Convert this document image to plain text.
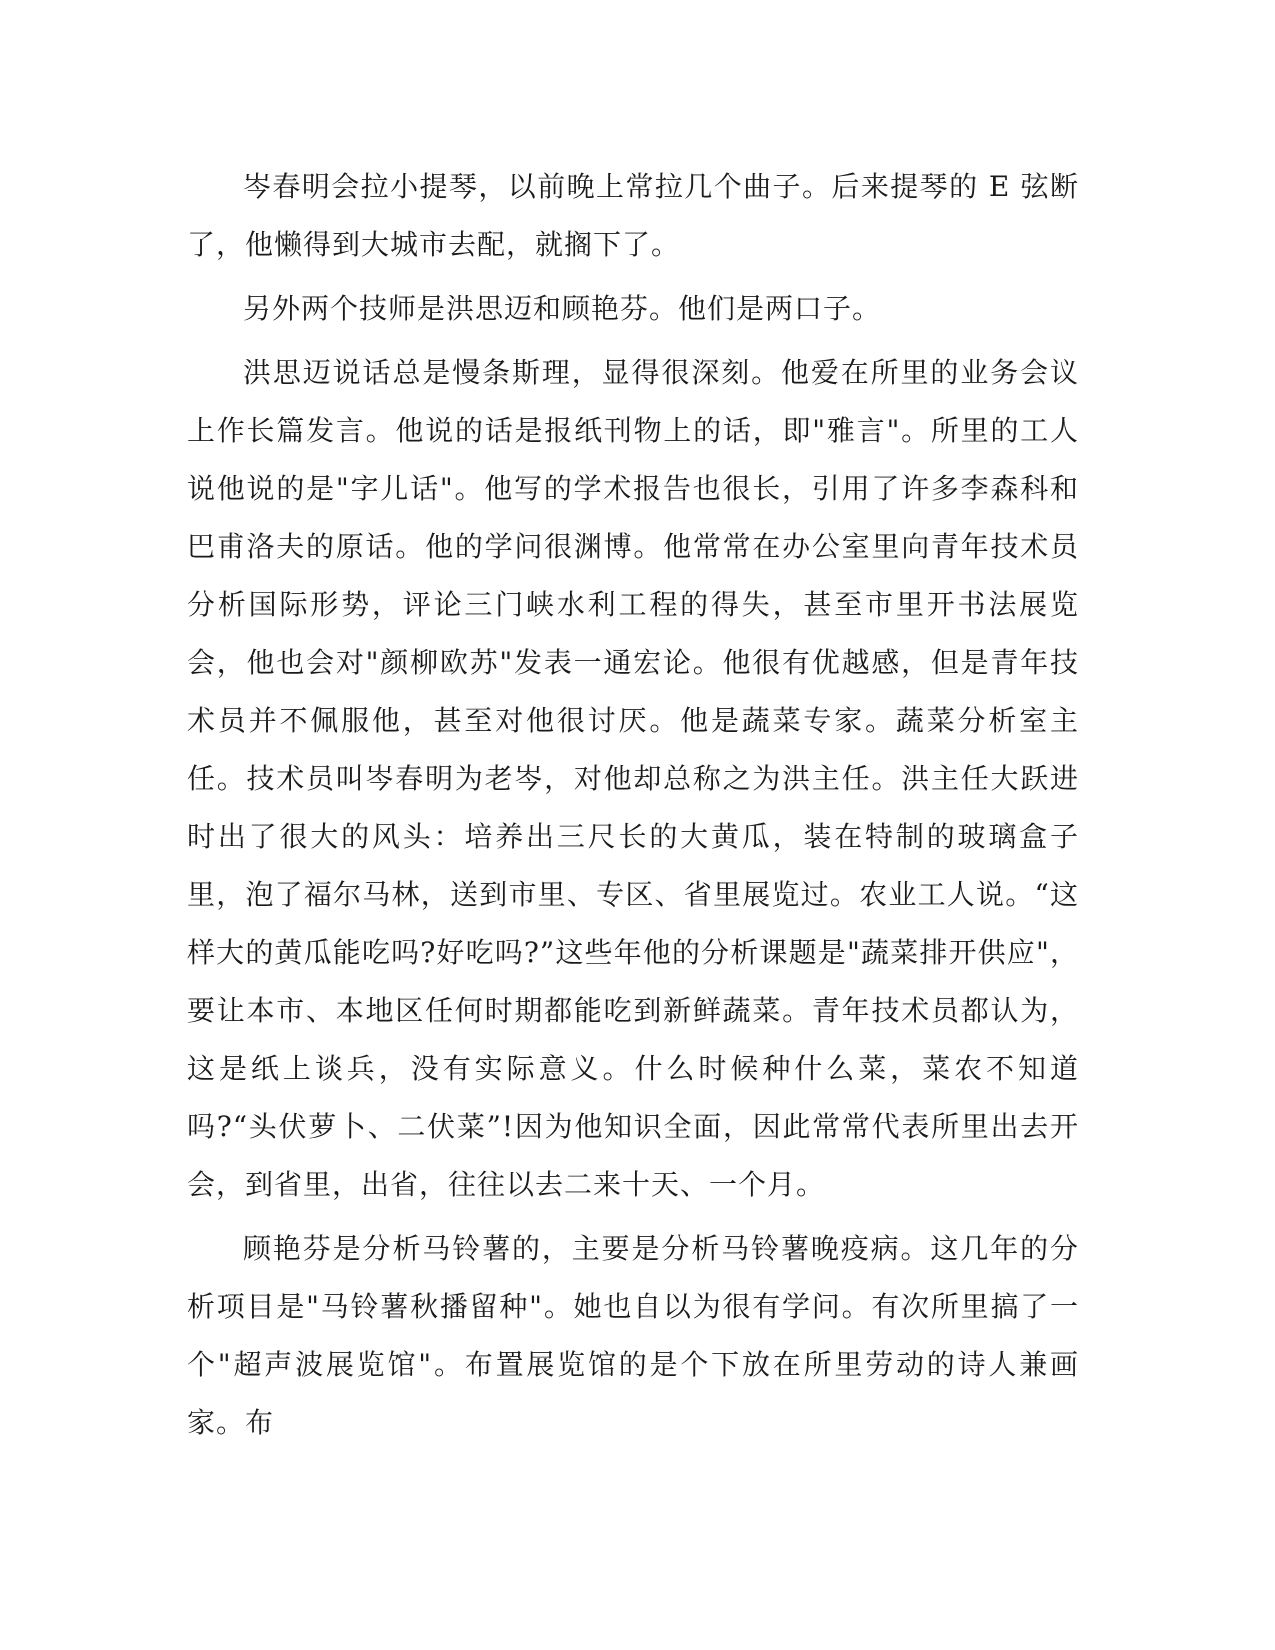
岑春明会拉小提琴，以前晚上常拉几个曲子。后来提琴的 E 弦断了，他懒得到大城市去配，就搁下了。

另外两个技师是洪思迈和顾艳芬。他们是两口子。

洪思迈说话总是慢条斯理，显得很深刻。他爱在所里的业务会议上作长篇发言。他说的话是报纸刊物上的话，即"雅言"。所里的工人说他说的是"字儿话"。他写的学术报告也很长，引用了许多李森科和巴甫洛夫的原话。他的学问很渊博。他常常在办公室里向青年技术员分析国际形势，评论三门峡水利工程的得失，甚至市里开书法展览会，他也会对"颜柳欧苏"发表一通宏论。他很有优越感，但是青年技术员并不佩服他，甚至对他很讨厌。他是蔬菜专家。蔬菜分析室主任。技术员叫岑春明为老岑，对他却总称之为洪主任。洪主任大跃进时出了很大的风头：培养出三尺长的大黄瓜，装在特制的玻璃盒子里，泡了福尔马林，送到市里、专区、省里展览过。农业工人说。“这样大的黄瓜能吃吗?好吃吗?”这些年他的分析课题是"蔬菜排开供应"，要让本市、本地区任何时期都能吃到新鲜蔬菜。青年技术员都认为，这是纸上谈兵，没有实际意义。什么时候种什么菜，菜农不知道吗?“头伏萝卜、二伏菜”!因为他知识全面，因此常常代表所里出去开会，到省里，出省，往往以去二来十天、一个月。

顾艳芬是分析马铃薯的，主要是分析马铃薯晚疫病。这几年的分析项目是"马铃薯秋播留种"。她也自以为很有学问。有次所里搞了一个"超声波展览馆"。布置展览馆的是个下放在所里劳动的诗人兼画家。布
